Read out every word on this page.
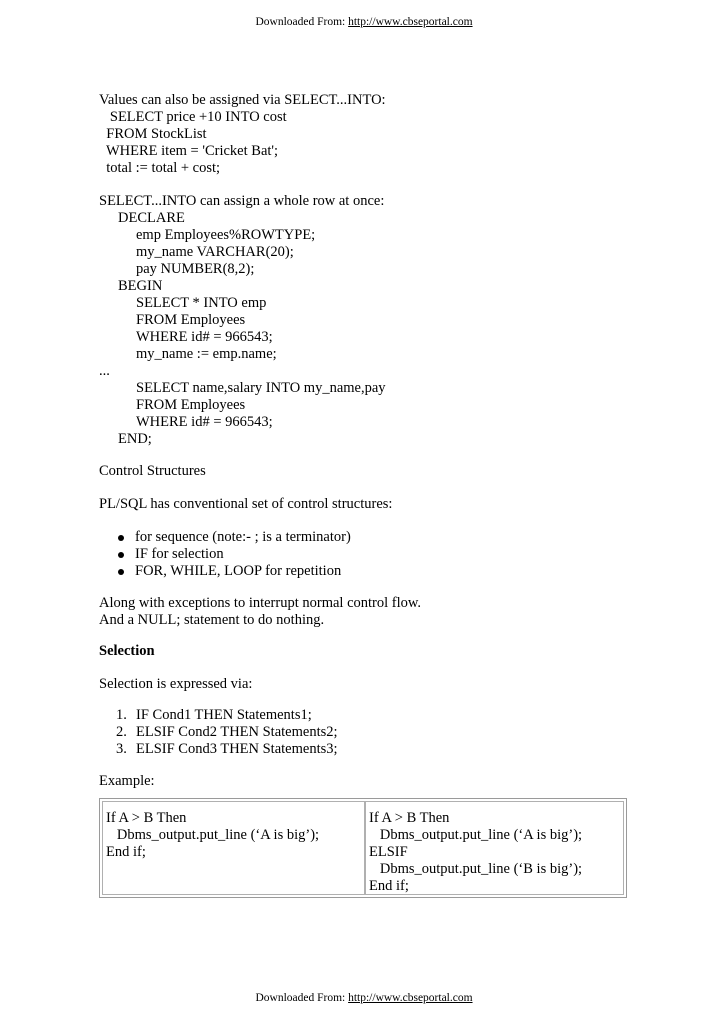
Downloaded From: http://www.cbseportal.com
Values can also be assigned via SELECT...INTO:
SELECT price +10 INTO cost
FROM StockList
WHERE item = 'Cricket Bat';
total := total + cost;
SELECT...INTO can assign a whole row at once:
DECLARE
emp Employees%ROWTYPE;
my_name VARCHAR(20);
pay NUMBER(8,2);
BEGIN
SELECT * INTO emp
FROM Employees
WHERE id# = 966543;
my_name := emp.name;
...
SELECT name,salary INTO my_name,pay
FROM Employees
WHERE id# = 966543;
END;
Control Structures
PL/SQL has conventional set of control structures:

for sequence (note:- ; is a terminator)

IF for selection

FOR, WHILE, LOOP for repetition

Along with exceptions to interrupt normal control flow.
And a NULL; statement to do nothing.
Selection
Selection is expressed via:

1. IF Cond1 THEN Statements1;

2. ELSIF Cond2 THEN Statements2;

3. ELSIF Cond3 THEN Statements3;

Example:
If A > B Then
Dbms_output.put_line (‘A is big’);
End if;
If A > B Then
Dbms_output.put_line (‘A is big’);
ELSIF
Dbms_output.put_line (‘B is big’);
End if;
Downloaded From: http://www.cbseportal.com
